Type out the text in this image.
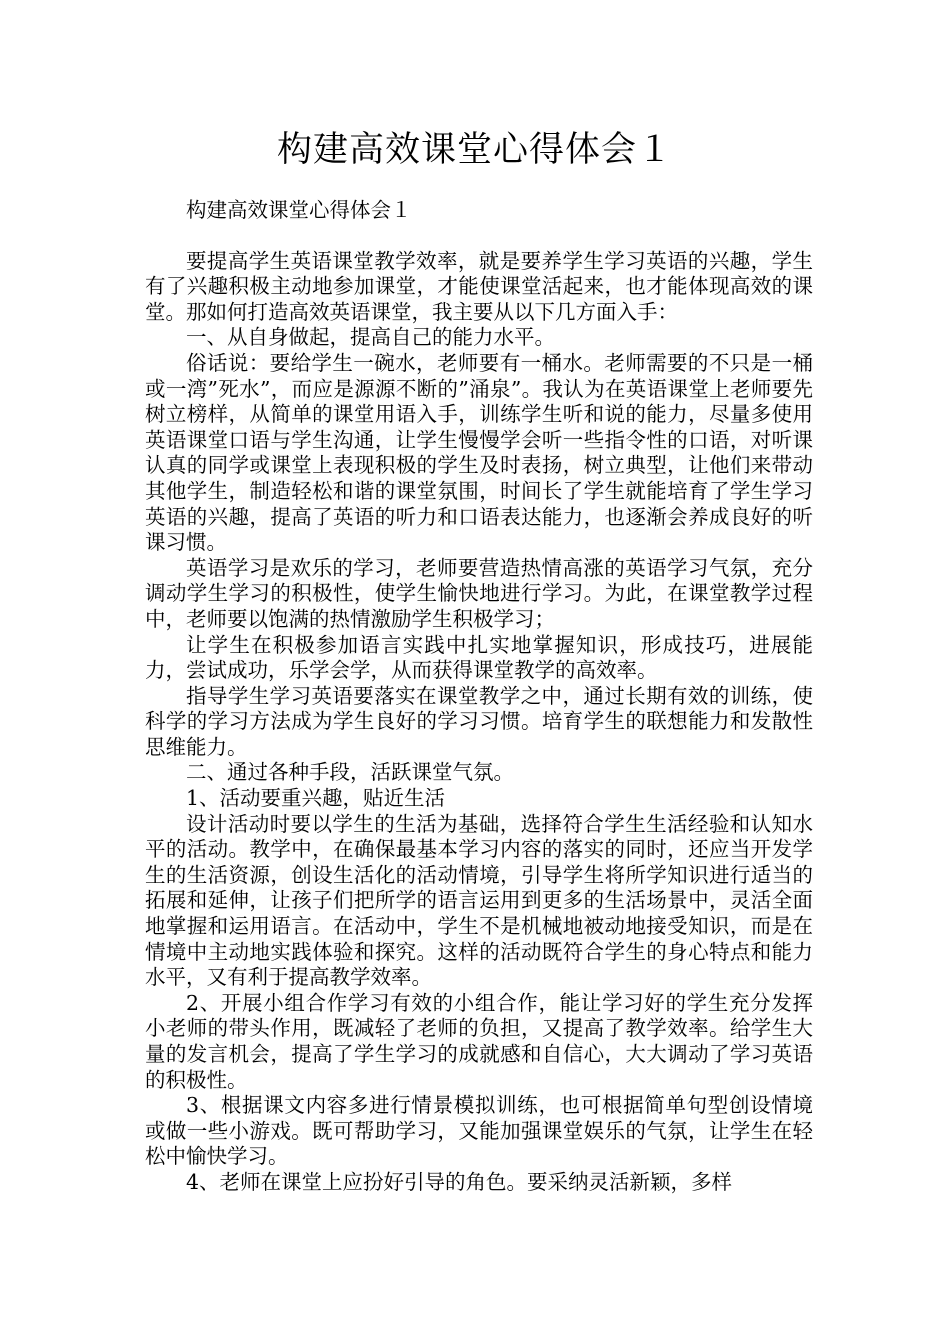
构建高效课堂心得体会１

构建高效课堂心得体会１

要提高学生英语课堂教学效率，就是要养学生学习英语的兴趣，学生有了兴趣积极主动地参加课堂，才能使课堂活起来，也才能体现高效的课堂。那如何打造高效英语课堂，我主要从以下几方面入手：

一、从自身做起，提高自己的能力水平。

俗话说：要给学生一碗水，老师要有一桶水。老师需要的不只是一桶或一湾”死水”，而应是源源不断的”涌泉”。我认为在英语课堂上老师要先树立榜样，从简单的课堂用语入手，训练学生听和说的能力，尽量多使用英语课堂口语与学生沟通，让学生慢慢学会听一些指令性的口语，对听课认真的同学或课堂上表现积极的学生及时表扬，树立典型，让他们来带动其他学生，制造轻松和谐的课堂氛围，时间长了学生就能培育了学生学习英语的兴趣，提高了英语的听力和口语表达能力，也逐渐会养成良好的听课习惯。

英语学习是欢乐的学习，老师要营造热情高涨的英语学习气氛，充分调动学生学习的积极性，使学生愉快地进行学习。为此，在课堂教学过程中，老师要以饱满的热情激励学生积极学习；

让学生在积极参加语言实践中扎实地掌握知识，形成技巧，进展能力，尝试成功，乐学会学，从而获得课堂教学的高效率。

指导学生学习英语要落实在课堂教学之中，通过长期有效的训练，使科学的学习方法成为学生良好的学习习惯。培育学生的联想能力和发散性思维能力。

二、通过各种手段，活跃课堂气氛。

1、活动要重兴趣，贴近生活

设计活动时要以学生的生活为基础，选择符合学生生活经验和认知水平的活动。教学中，在确保最基本学习内容的落实的同时，还应当开发学生的生活资源，创设生活化的活动情境，引导学生将所学知识进行适当的拓展和延伸，让孩子们把所学的语言运用到更多的生活场景中，灵活全面地掌握和运用语言。在活动中，学生不是机械地被动地接受知识，而是在情境中主动地实践体验和探究。这样的活动既符合学生的身心特点和能力水平，又有利于提高教学效率。

2、开展小组合作学习有效的小组合作，能让学习好的学生充分发挥小老师的带头作用，既减轻了老师的负担，又提高了教学效率。给学生大量的发言机会，提高了学生学习的成就感和自信心，大大调动了学习英语的积极性。

3、根据课文内容多进行情景模拟训练，也可根据简单句型创设情境或做一些小游戏。既可帮助学习，又能加强课堂娱乐的气氛，让学生在轻松中愉快学习。

4、老师在课堂上应扮好引导的角色。要采纳灵活新颖，多样
